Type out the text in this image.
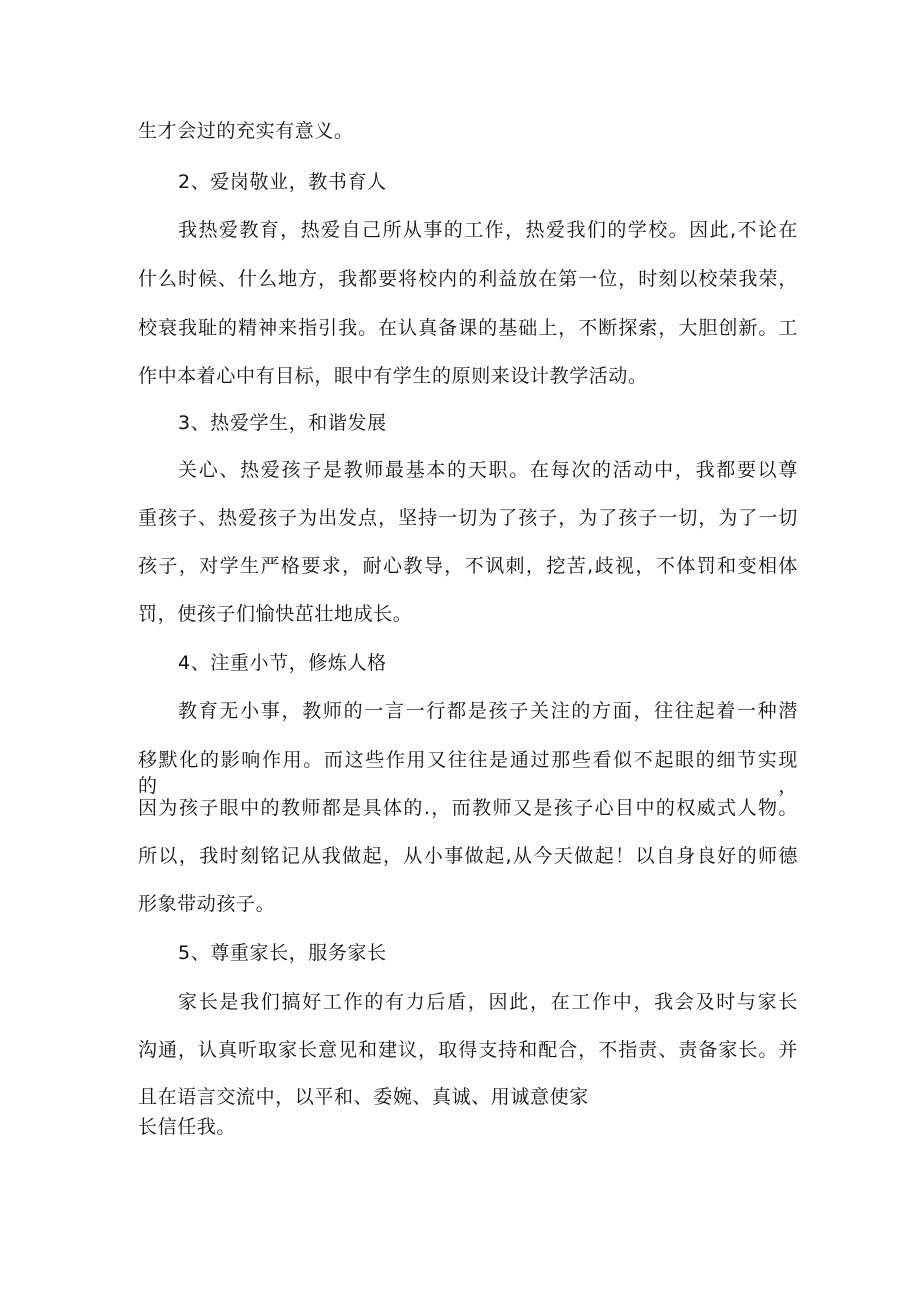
生才会过的充实有意义。
2、爱岗敬业，教书育人
我热爱教育，热爱自己所从事的工作，热爱我们的学校。因此,不论在
什么时候、什么地方，我都要将校内的利益放在第一位，时刻以校荣我荣，
校衰我耻的精神来指引我。在认真备课的基础上，不断探索，大胆创新。工
作中本着心中有目标，眼中有学生的原则来设计教学活动。
3、热爱学生，和谐发展
关心、热爱孩子是教师最基本的天职。在每次的活动中，我都要以尊
重孩子、热爱孩子为出发点，坚持一切为了孩子，为了孩子一切，为了一切
孩子，对学生严格要求，耐心教导，不讽刺，挖苦,歧视，不体罚和变相体
罚，使孩子们愉快茁壮地成长。
4、注重小节，修炼人格
教育无小事，教师的一言一行都是孩子关注的方面，往往起着一种潜
移默化的影响作用。而这些作用又往往是通过那些看似不起眼的细节实现的，
因为孩子眼中的教师都是具体的.，而教师又是孩子心目中的权威式人物。
所以，我时刻铭记从我做起，从小事做起,从今天做起！以自身良好的师德
形象带动孩子。
5、尊重家长，服务家长
家长是我们搞好工作的有力后盾，因此，在工作中，我会及时与家长
沟通，认真听取家长意见和建议，取得支持和配合，不指责、责备家长。并
且在语言交流中，以平和、委婉、真诚、用诚意使家
长信任我。
